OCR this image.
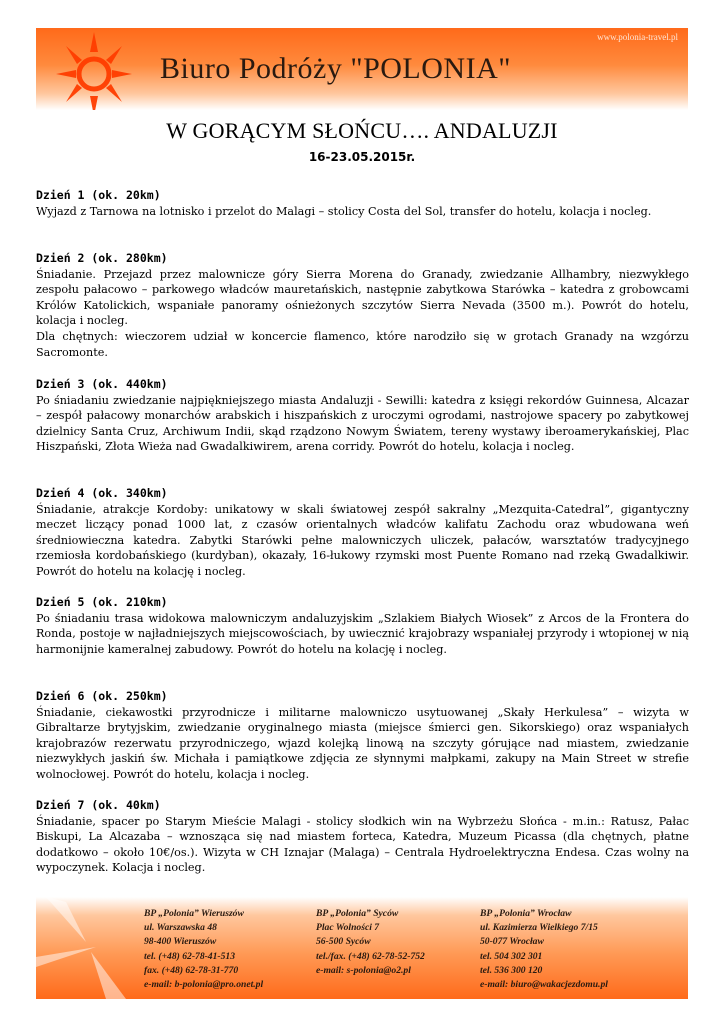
www.polonia-travel.pl
Biuro Podróży "POLONIA"
W GORĄCYM SŁOŃCU…. ANDALUZJI
16-23.05.2015r.
Dzień 1 (ok. 20km)

Wyjazd z Tarnowa na lotnisko i przelot do Malagi – stolicy Costa del Sol, transfer do hotelu, kolacja i nocleg.

Dzień 2 (ok. 280km)

Śniadanie. Przejazd przez malownicze góry Sierra Morena do Granady, zwiedzanie Allhambry, niezwykłego zespołu pałacowo – parkowego władców mauretańskich, następnie zabytkowa Starówka – katedra z grobowcami Królów Katolickich, wspaniałe panoramy ośnieżonych szczytów Sierra Nevada (3500 m.). Powrót do hotelu, kolacja i nocleg.

Dla chętnych: wieczorem udział w koncercie flamenco, które narodziło się w grotach Granady na wzgórzu Sacromonte.

Dzień 3 (ok. 440km)

Po śniadaniu zwiedzanie najpiękniejszego miasta Andaluzji - Sewilli: katedra z księgi rekordów Guinnesa, Alcazar – zespół pałacowy monarchów arabskich i hiszpańskich z uroczymi ogrodami, nastrojowe spacery po zabytkowej dzielnicy Santa Cruz, Archiwum Indii, skąd rządzono Nowym Światem, tereny wystawy iberoamerykańskiej, Plac Hiszpański, Złota Wieża nad Gwadalkiwirem, arena corridy. Powrót do hotelu, kolacja i nocleg.

Dzień 4 (ok. 340km)

Śniadanie, atrakcje Kordoby: unikatowy w skali światowej zespół sakralny „Mezquita-Catedral”, gigantyczny meczet liczący ponad 1000 lat, z czasów orientalnych władców kalifatu Zachodu oraz wbudowana weń średniowieczna katedra. Zabytki Starówki pełne malowniczych uliczek, pałaców, warsztatów tradycyjnego rzemiosła kordobańskiego (kurdyban), okazały, 16-łukowy rzymski most Puente Romano nad rzeką Gwadalkiwir. Powrót do hotelu na kolację i nocleg.

Dzień 5 (ok. 210km)

Po śniadaniu trasa widokowa malowniczym andaluzyjskim „Szlakiem Białych Wiosek” z Arcos de la Frontera do Ronda, postoje w najładniejszych miejscowościach, by uwiecznić krajobrazy wspaniałej przyrody i wtopionej w nią harmonijnie kameralnej zabudowy. Powrót do hotelu na kolację i nocleg.

Dzień 6 (ok. 250km)

Śniadanie, ciekawostki przyrodnicze i militarne malowniczo usytuowanej „Skały Herkulesa” – wizyta w Gibraltarze brytyjskim, zwiedzanie oryginalnego miasta (miejsce śmierci gen. Sikorskiego) oraz wspaniałych krajobrazów rezerwatu przyrodniczego, wjazd kolejką linową na szczyty górujące nad miastem, zwiedzanie niezwykłych jaskiń św. Michała i pamiątkowe zdjęcia ze słynnymi małpkami, zakupy na Main Street w strefie wolnocłowej. Powrót do hotelu, kolacja i nocleg.

Dzień 7 (ok. 40km)

Śniadanie, spacer po Starym Mieście Malagi - stolicy słodkich win na Wybrzeżu Słońca - m.in.: Ratusz, Pałac Biskupi, La Alcazaba – wznosząca się nad miastem forteca, Katedra, Muzeum Picassa (dla chętnych, płatne dodatkowo – około 10€/os.). Wizyta w CH Iznajar (Malaga) – Centrala Hydroelektryczna Endesa. Czas wolny na wypoczynek. Kolacja i nocleg.

BP „Polonia” Wieruszów
ul. Warszawska 48
98-400 Wieruszów
tel. (+48) 62-78-41-513
fax. (+48) 62-78-31-770
e-mail: b-polonia@pro.onet.pl
BP „Polonia” Syców
Plac Wolności 7
56-500 Syców
tel./fax. (+48) 62-78-52-752
e-mail: s-polonia@o2.pl
BP „Polonia” Wrocław
ul. Kazimierza Wielkiego 7/15
50-077 Wrocław
tel. 504 302 301
tel. 536 300 120
e-mail: biuro@wakacjezdomu.pl
